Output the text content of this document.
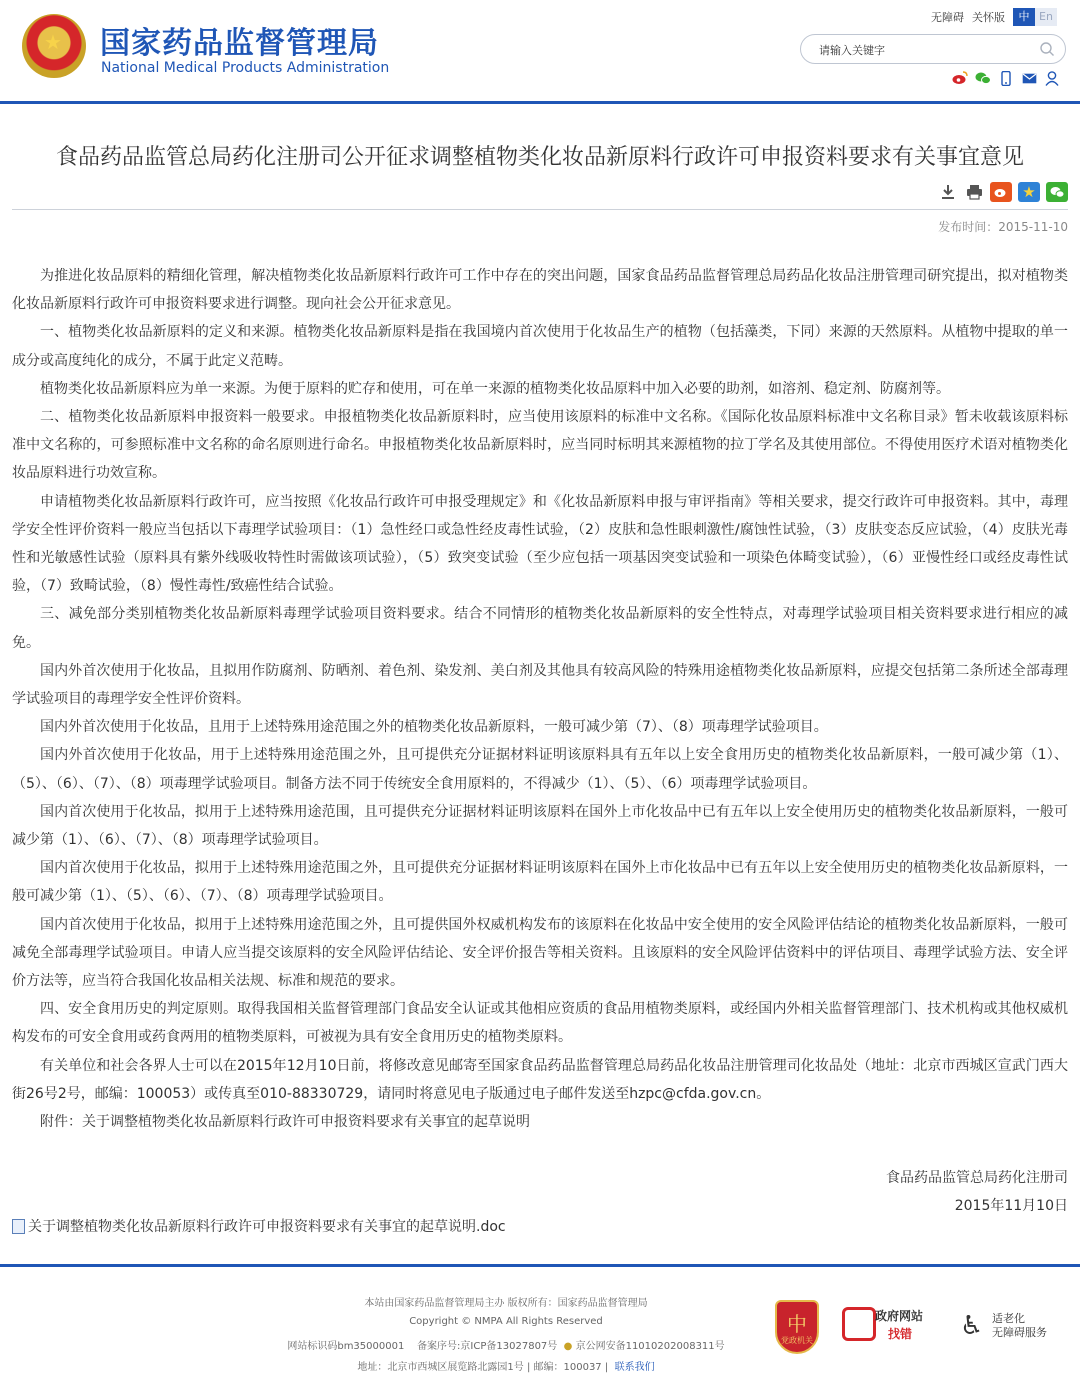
★ 国家药品监督管理局
National Medical Products Administration
无障碍 关怀版	中 En
请输入关键字
食品药品监管总局药化注册司公开征求调整植物类化妆品新原料行政许可申报资料要求有关事宜意见
★
发布时间：2015-11-10

为推进化妆品原料的精细化管理，解决植物类化妆品新原料行政许可工作中存在的突出问题，国家食品药品监督管理总局药品化妆品注册管理司研究提出，拟对植物类化妆品新原料行政许可申报资料要求进行调整。现向社会公开征求意见。

一、植物类化妆品新原料的定义和来源。植物类化妆品新原料是指在我国境内首次使用于化妆品生产的植物（包括藻类，下同）来源的天然原料。从植物中提取的单一成分或高度纯化的成分，不属于此定义范畴。

植物类化妆品新原料应为单一来源。为便于原料的贮存和使用，可在单一来源的植物类化妆品原料中加入必要的助剂，如溶剂、稳定剂、防腐剂等。

二、植物类化妆品新原料申报资料一般要求。申报植物类化妆品新原料时，应当使用该原料的标准中文名称。《国际化妆品原料标准中文名称目录》暂未收载该原料标准中文名称的，可参照标准中文名称的命名原则进行命名。申报植物类化妆品新原料时，应当同时标明其来源植物的拉丁学名及其使用部位。不得使用医疗术语对植物类化妆品原料进行功效宣称。

申请植物类化妆品新原料行政许可，应当按照《化妆品行政许可申报受理规定》和《化妆品新原料申报与审评指南》等相关要求，提交行政许可申报资料。其中，毒理学安全性评价资料一般应当包括以下毒理学试验项目：（1）急性经口或急性经皮毒性试验，（2）皮肤和急性眼刺激性/腐蚀性试验，（3）皮肤变态反应试验，（4）皮肤光毒性和光敏感性试验（原料具有紫外线吸收特性时需做该项试验），（5）致突变试验（至少应包括一项基因突变试验和一项染色体畸变试验），（6）亚慢性经口或经皮毒性试验，（7）致畸试验，（8）慢性毒性/致癌性结合试验。

三、减免部分类别植物类化妆品新原料毒理学试验项目资料要求。结合不同情形的植物类化妆品新原料的安全性特点，对毒理学试验项目相关资料要求进行相应的减免。

国内外首次使用于化妆品，且拟用作防腐剂、防晒剂、着色剂、染发剂、美白剂及其他具有较高风险的特殊用途植物类化妆品新原料，应提交包括第二条所述全部毒理学试验项目的毒理学安全性评价资料。

国内外首次使用于化妆品，且用于上述特殊用途范围之外的植物类化妆品新原料，一般可减少第（7）、（8）项毒理学试验项目。

国内外首次使用于化妆品，用于上述特殊用途范围之外，且可提供充分证据材料证明该原料具有五年以上安全食用历史的植物类化妆品新原料，一般可减少第（1）、（5）、（6）、（7）、（8）项毒理学试验项目。制备方法不同于传统安全食用原料的，不得减少（1）、（5）、（6）项毒理学试验项目。

国内首次使用于化妆品，拟用于上述特殊用途范围，且可提供充分证据材料证明该原料在国外上市化妆品中已有五年以上安全使用历史的植物类化妆品新原料，一般可减少第（1）、（6）、（7）、（8）项毒理学试验项目。

国内首次使用于化妆品，拟用于上述特殊用途范围之外，且可提供充分证据材料证明该原料在国外上市化妆品中已有五年以上安全使用历史的植物类化妆品新原料，一般可减少第（1）、（5）、（6）、（7）、（8）项毒理学试验项目。

国内首次使用于化妆品，拟用于上述特殊用途范围之外，且可提供国外权威机构发布的该原料在化妆品中安全使用的安全风险评估结论的植物类化妆品新原料，一般可减免全部毒理学试验项目。申请人应当提交该原料的安全风险评估结论、安全评价报告等相关资料。且该原料的安全风险评估资料中的评估项目、毒理学试验方法、安全评价方法等，应当符合我国化妆品相关法规、标准和规范的要求。

四、安全食用历史的判定原则。取得我国相关监督管理部门食品安全认证或其他相应资质的食品用植物类原料，或经国内外相关监督管理部门、技术机构或其他权威机构发布的可安全食用或药食两用的植物类原料，可被视为具有安全食用历史的植物类原料。

有关单位和社会各界人士可以在2015年12月10日前，将修改意见邮寄至国家食品药品监督管理总局药品化妆品注册管理司化妆品处（地址：北京市西城区宣武门西大街26号2号，邮编：100053）或传真至010-88330729，请同时将意见电子版通过电子邮件发送至hzpc@cfda.gov.cn。

附件：关于调整植物类化妆品新原料行政许可申报资料要求有关事宜的起草说明

食品药品监管总局药化注册司
2015年11月10日
关于调整植物类化妆品新原料行政许可申报资料要求有关事宜的起草说明.doc
本站由国家药品监督管理局主办 版权所有：国家药品监督管理局
Copyright © NMPA All Rights Reserved
网站标识码bm35000001 备案序号:京ICP备13027807号 ● 京公网安备11010202008311号
地址：北京市西城区展览路北露园1号 | 邮编：100037 | 联系我们
中
党政机关
政府网站
找错 ♿ 适老化
无障碍服务
